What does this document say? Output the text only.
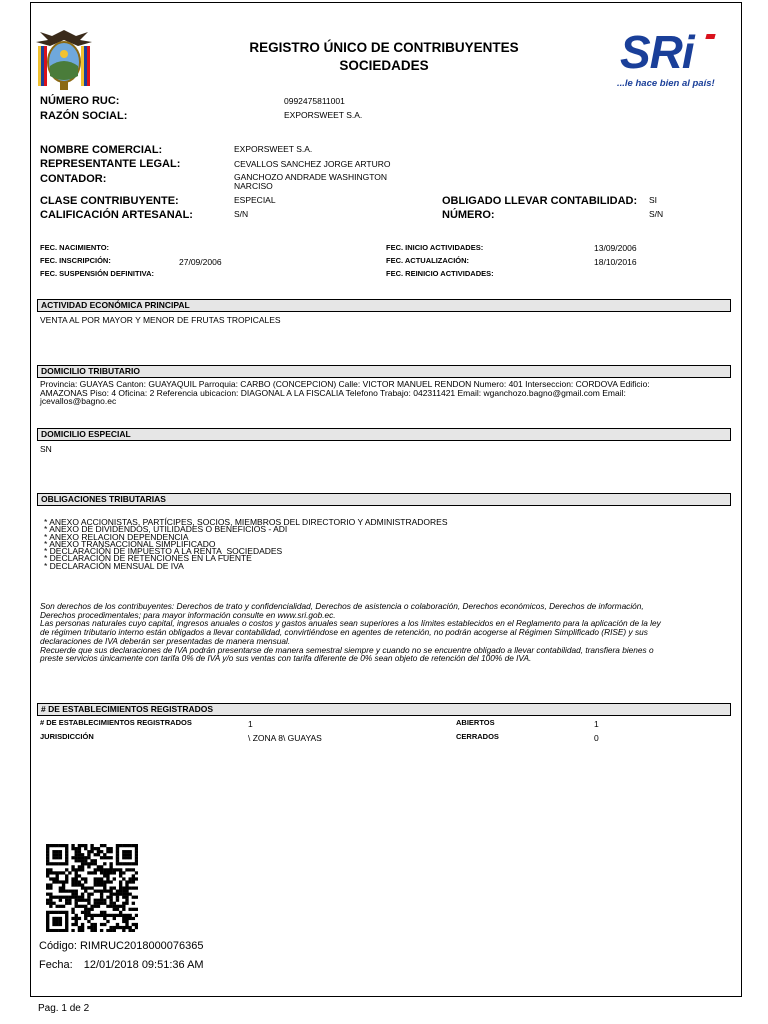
REGISTRO ÚNICO DE CONTRIBUYENTES
SOCIEDADES	SRi
...le hace bien al país!
NÚMERO RUC:	0992475811001
RAZÓN SOCIAL:	EXPORSWEET S.A.
NOMBRE COMERCIAL:	EXPORSWEET S.A.
REPRESENTANTE LEGAL:	CEVALLOS SANCHEZ JORGE ARTURO
CONTADOR:	GANCHOZO ANDRADE WASHINGTON
NARCISO
CLASE CONTRIBUYENTE:	ESPECIAL
CALIFICACIÓN ARTESANAL:	S/N
OBLIGADO LLEVAR CONTABILIDAD: SI
NÚMERO:	S/N
FEC. NACIMIENTO:
FEC. INSCRIPCIÓN:	27/09/2006
FEC. SUSPENSIÓN DEFINITIVA:
FEC. INICIO ACTIVIDADES:	13/09/2006
FEC. ACTUALIZACIÓN:	18/10/2016
FEC. REINICIO ACTIVIDADES:
ACTIVIDAD ECONÓMICA PRINCIPAL
VENTA AL POR MAYOR Y MENOR DE FRUTAS TROPICALES
DOMICILIO TRIBUTARIO
Provincia: GUAYAS Canton: GUAYAQUIL Parroquia: CARBO (CONCEPCION) Calle: VICTOR MANUEL RENDON Numero: 401 Interseccion: CORDOVA Edificio:
AMAZONAS Piso: 4 Oficina: 2 Referencia ubicacion: DIAGONAL A LA FISCALIA Telefono Trabajo: 042311421 Email: wganchozo.bagno@gmail.com Email:
jcevallos@bagno.ec
DOMICILIO ESPECIAL
SN
OBLIGACIONES TRIBUTARIAS
* ANEXO ACCIONISTAS, PARTÍCIPES, SOCIOS, MIEMBROS DEL DIRECTORIO Y ADMINISTRADORES
* ANEXO DE DIVIDENDOS, UTILIDADES O BENEFICIOS - ADI
* ANEXO RELACION DEPENDENCIA
* ANEXO TRANSACCIONAL SIMPLIFICADO
* DECLARACIÓN DE IMPUESTO A LA RENTA_SOCIEDADES
* DECLARACIÓN DE RETENCIONES EN LA FUENTE
* DECLARACIÓN MENSUAL DE IVA
Son derechos de los contribuyentes: Derechos de trato y confidencialidad, Derechos de asistencia o colaboración, Derechos económicos, Derechos de información,
Derechos procedimentales; para mayor información consulte en www.sri.gob.ec.
Las personas naturales cuyo capital, ingresos anuales o costos y gastos anuales sean superiores a los límites establecidos en el Reglamento para la aplicación de la ley
de régimen tributario interno están obligados a llevar contabilidad, convirtiéndose en agentes de retención, no podrán acogerse al Régimen Simplificado (RISE) y sus
declaraciones de IVA deberán ser presentadas de manera mensual.
Recuerde que sus declaraciones de IVA podrán presentarse de manera semestral siempre y cuando no se encuentre obligado a llevar contabilidad, transfiera bienes o
preste servicios únicamente con tarifa 0% de IVA y/o sus ventas con tarifa diferente de 0% sean objeto de retención del 100% de IVA.
# DE ESTABLECIMIENTOS REGISTRADOS
# DE ESTABLECIMIENTOS REGISTRADOS	1
JURISDICCIÓN	\ ZONA 8\ GUAYAS
ABIERTOS	1
CERRADOS	0
Código: RIMRUC2018000076365
Fecha: 12/01/2018 09:51:36 AM
Pag. 1 de 2
